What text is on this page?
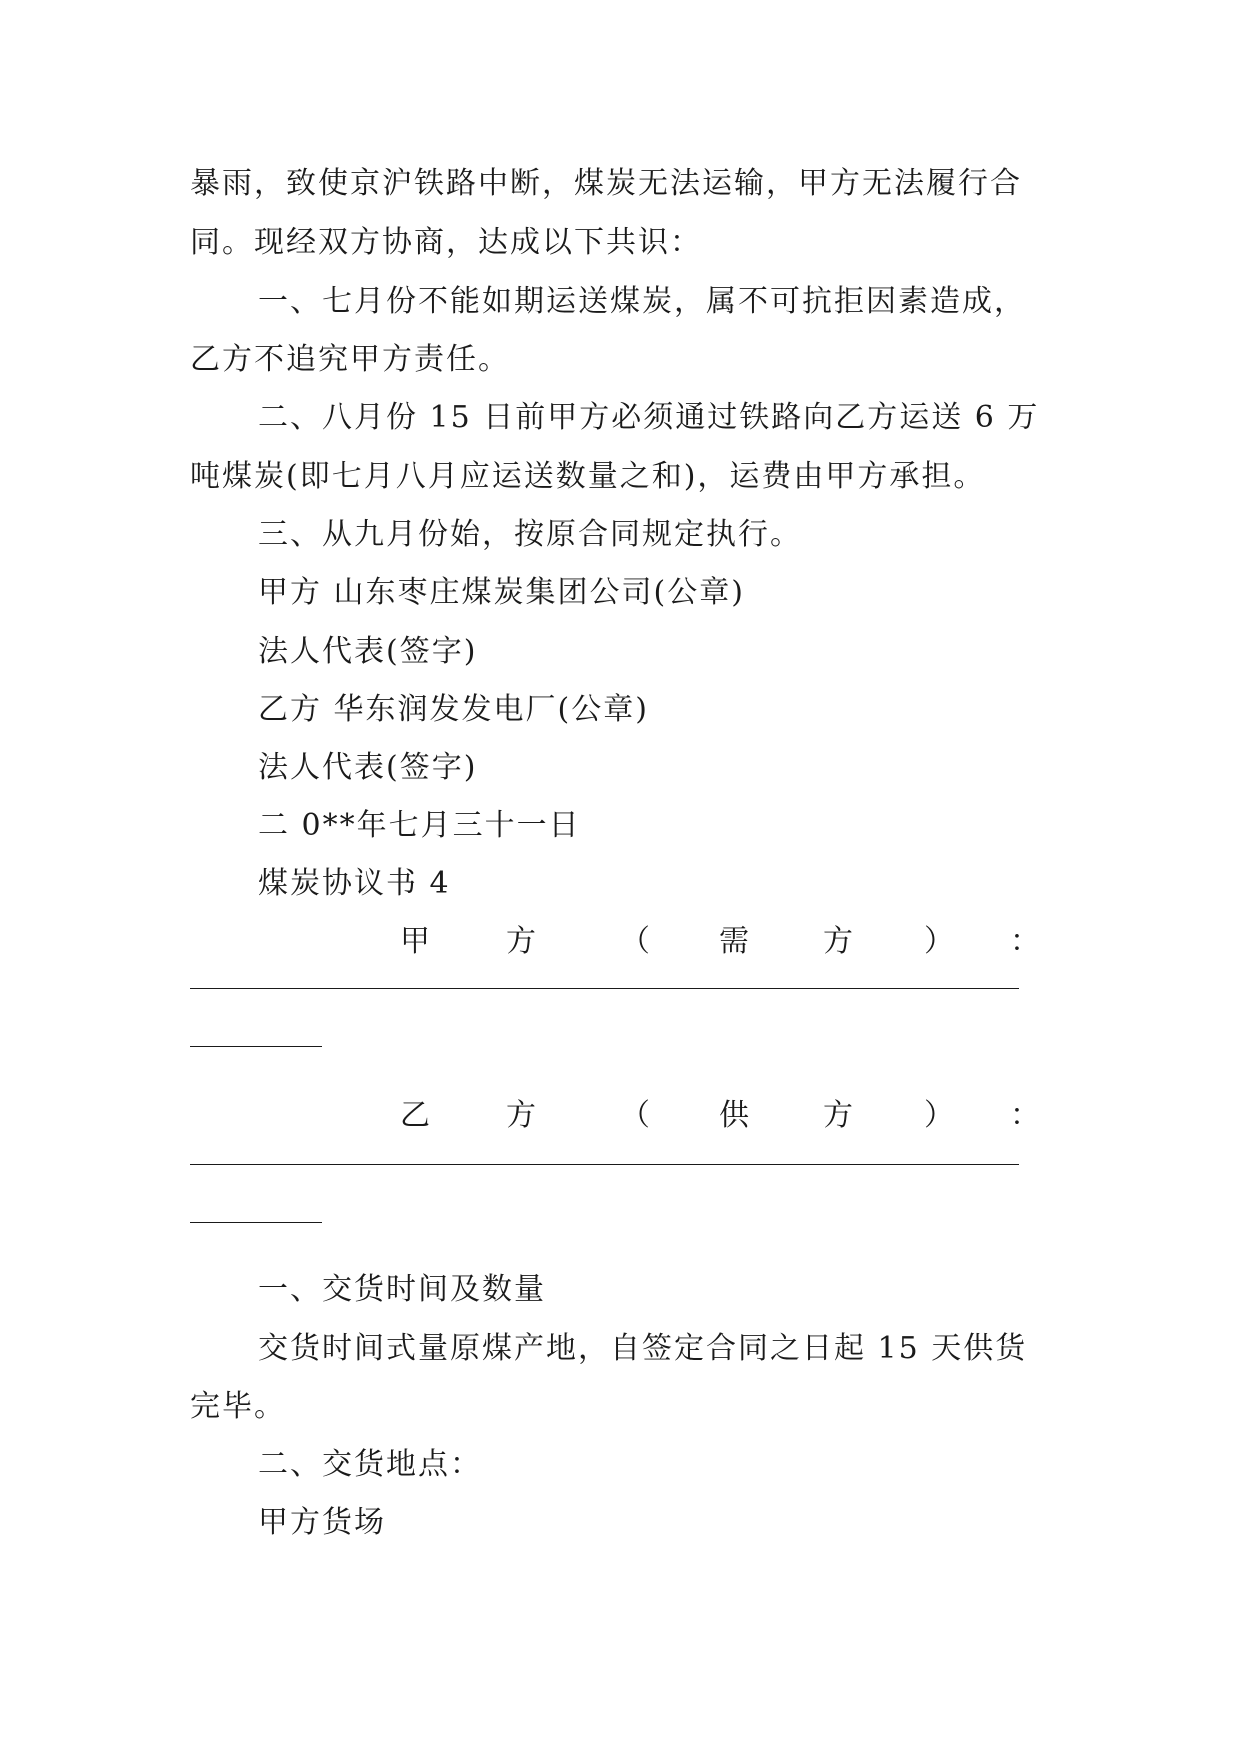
暴雨，致使京沪铁路中断，煤炭无法运输，甲方无法履行合
同。现经双方协商，达成以下共识：
一、七月份不能如期运送煤炭，属不可抗拒因素造成，
乙方不追究甲方责任。
二、八月份 15 日前甲方必须通过铁路向乙方运送 6 万
吨煤炭(即七月八月应运送数量之和)，运费由甲方承担。
三、从九月份始，按原合同规定执行。
甲方 山东枣庄煤炭集团公司(公章)
法人代表(签字)
乙方 华东润发发电厂(公章)
法人代表(签字)
二 0**年七月三十一日
煤炭协议书 4
甲	方	（ 需 方 ） ：
乙	方	（ 供 方 ） ：
一、交货时间及数量
交货时间式量原煤产地，自签定合同之日起 15 天供货
完毕。
二、交货地点：
甲方货场
